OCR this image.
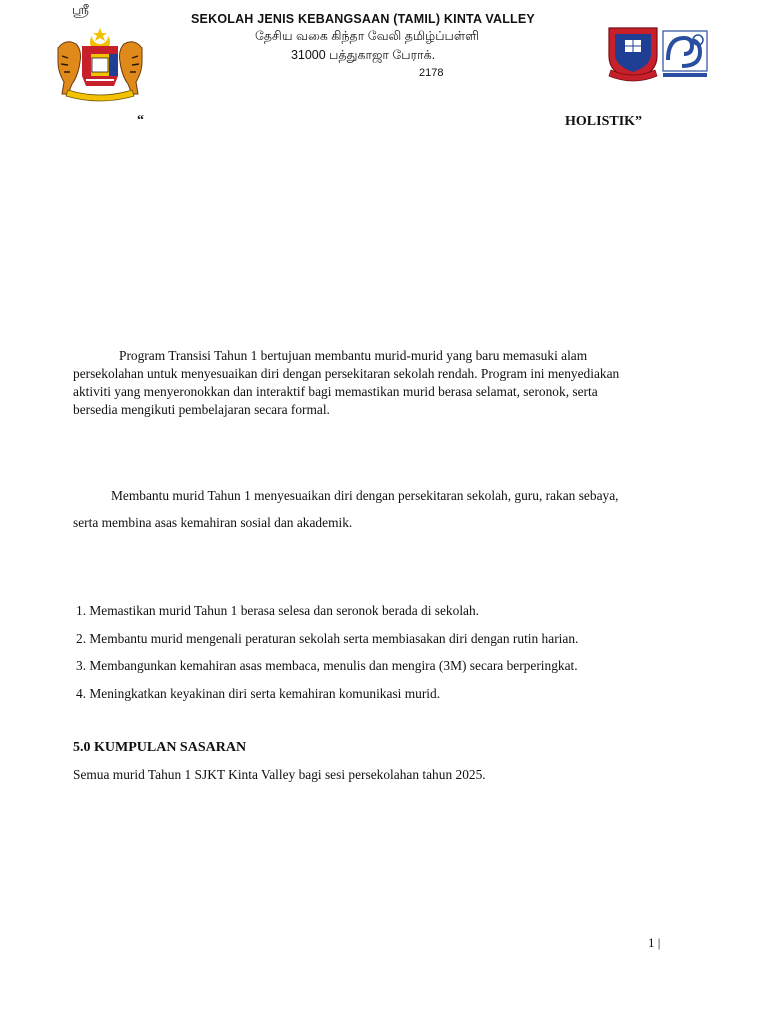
ஸ்ரீ
SEKOLAH JENIS KEBANGSAAN (TAMIL) KINTA VALLEY
தேசிய வகை கிந்தா வேலி தமிழ்ப்பள்ளி
31000 பத்துகாஜா பேராக்.
2178
“	HOLISTIK”
Program Transisi Tahun 1 bertujuan membantu murid-murid yang baru memasuki alam
persekolahan untuk menyesuaikan diri dengan persekitaran sekolah rendah. Program ini menyediakan
aktiviti yang menyeronokkan dan interaktif bagi memastikan murid berasa selamat, seronok, serta
bersedia mengikuti pembelajaran secara formal.
Membantu murid Tahun 1 menyesuaikan diri dengan persekitaran sekolah, guru, rakan sebaya,
serta membina asas kemahiran sosial dan akademik.
1. Memastikan murid Tahun 1 berasa selesa dan seronok berada di sekolah.
2. Membantu murid mengenali peraturan sekolah serta membiasakan diri dengan rutin harian.
3. Membangunkan kemahiran asas membaca, menulis dan mengira (3M) secara berperingkat.
4. Meningkatkan keyakinan diri serta kemahiran komunikasi murid.
5.0 KUMPULAN SASARAN
Semua murid Tahun 1 SJKT Kinta Valley bagi sesi persekolahan tahun 2025.
1 |
